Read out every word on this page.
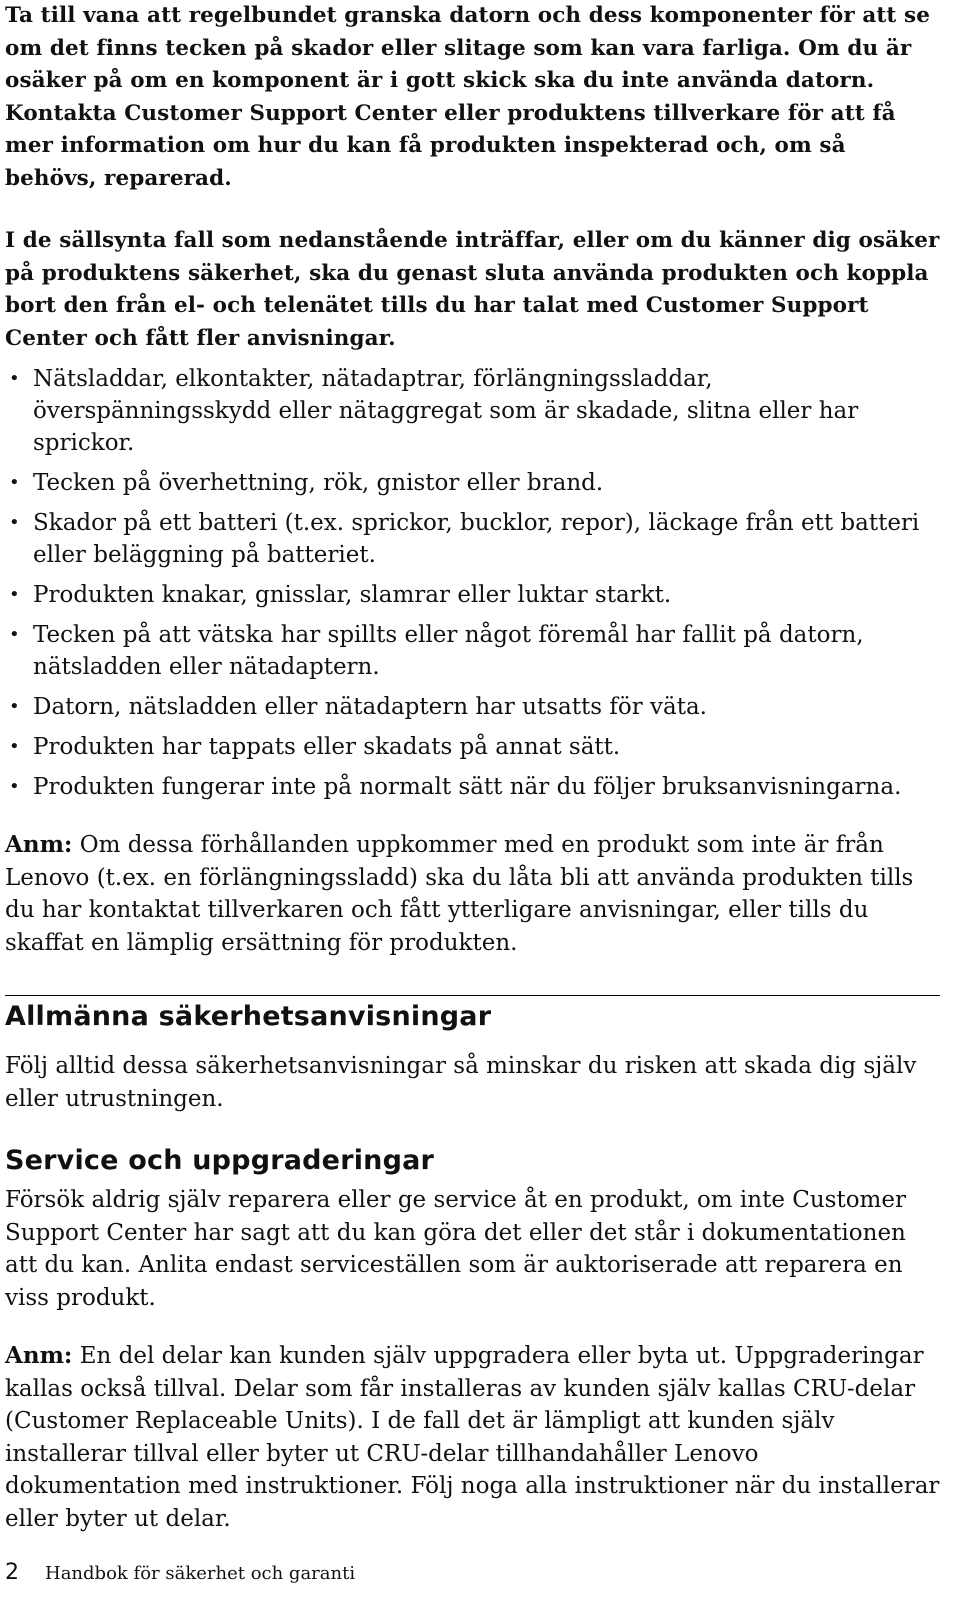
Ta till vana att regelbundet granska datorn och dess komponenter för att se om det finns tecken på skador eller slitage som kan vara farliga. Om du är osäker på om en komponent är i gott skick ska du inte använda datorn. Kontakta Customer Support Center eller produktens tillverkare för att få mer information om hur du kan få produkten inspekterad och, om så behövs, reparerad.

I de sällsynta fall som nedanstående inträffar, eller om du känner dig osäker på produktens säkerhet, ska du genast sluta använda produkten och koppla bort den från el- och telenätet tills du har talat med Customer Support Center och fått fler anvisningar.

• Nätsladdar, elkontakter, nätadaptrar, förlängningssladdar, överspänningsskydd eller nätaggregat som är skadade, slitna eller har sprickor.
• Tecken på överhettning, rök, gnistor eller brand.
• Skador på ett batteri (t.ex. sprickor, bucklor, repor), läckage från ett batteri eller beläggning på batteriet.
• Produkten knakar, gnisslar, slamrar eller luktar starkt.
• Tecken på att vätska har spillts eller något föremål har fallit på datorn, nätsladden eller nätadaptern.
• Datorn, nätsladden eller nätadaptern har utsatts för väta.
• Produkten har tappats eller skadats på annat sätt.
• Produkten fungerar inte på normalt sätt när du följer bruksanvisningarna.

Anm: Om dessa förhållanden uppkommer med en produkt som inte är från Lenovo (t.ex. en förlängningssladd) ska du låta bli att använda produkten tills du har kontaktat tillverkaren och fått ytterligare anvisningar, eller tills du skaffat en lämplig ersättning för produkten.

Allmänna säkerhetsanvisningar

Följ alltid dessa säkerhetsanvisningar så minskar du risken att skada dig själv eller utrustningen.

Service och uppgraderingar

Försök aldrig själv reparera eller ge service åt en produkt, om inte Customer Support Center har sagt att du kan göra det eller det står i dokumentationen att du kan. Anlita endast serviceställen som är auktoriserade att reparera en viss produkt.

Anm: En del delar kan kunden själv uppgradera eller byta ut. Uppgraderingar kallas också tillval. Delar som får installeras av kunden själv kallas CRU-delar (Customer Replaceable Units). I de fall det är lämpligt att kunden själv installerar tillval eller byter ut CRU-delar tillhandahåller Lenovo dokumentation med instruktioner. Följ noga alla instruktioner när du installerar eller byter ut delar.

2 Handbok för säkerhet och garanti
